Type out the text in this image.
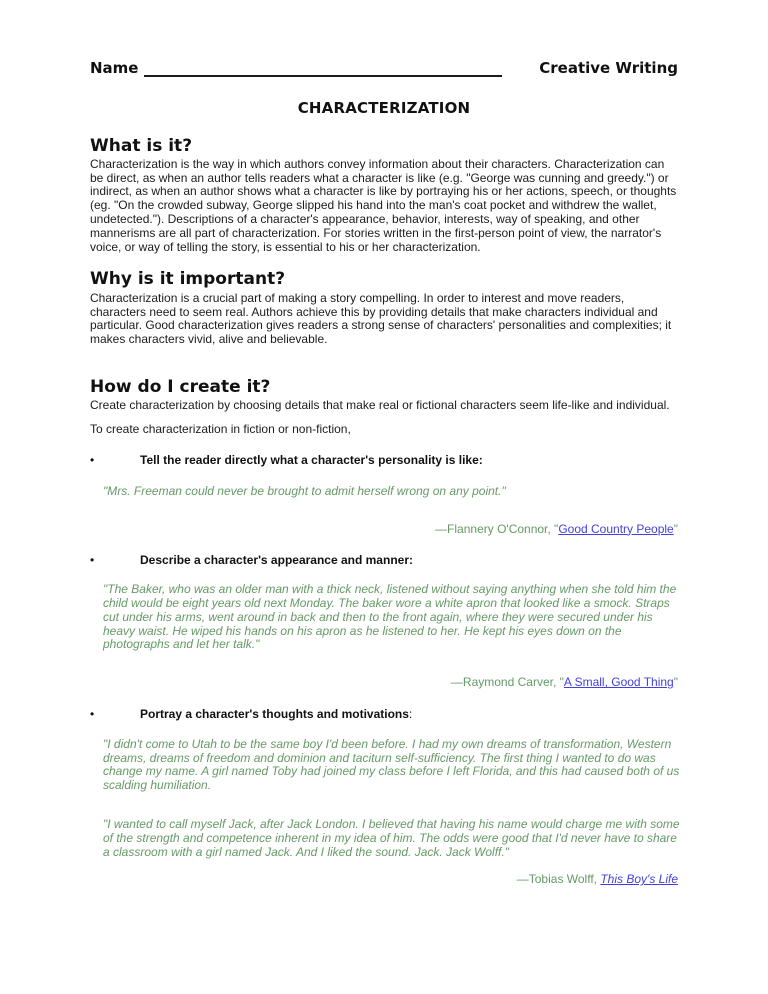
Name	Creative Writing
CHARACTERIZATION
What is it?

Characterization is the way in which authors convey information about their characters. Characterization can be direct, as when an author tells readers what a character is like (e.g. "George was cunning and greedy.") or indirect, as when an author shows what a character is like by portraying his or her actions, speech, or thoughts (eg. "On the crowded subway, George slipped his hand into the man's coat pocket and withdrew the wallet, undetected."). Descriptions of a character's appearance, behavior, interests, way of speaking, and other mannerisms are all part of characterization. For stories written in the first-person point of view, the narrator's voice, or way of telling the story, is essential to his or her characterization.

Why is it important?

Characterization is a crucial part of making a story compelling. In order to interest and move readers, characters need to seem real. Authors achieve this by providing details that make characters individual and particular. Good characterization gives readers a strong sense of characters' personalities and complexities; it makes characters vivid, alive and believable.

How do I create it?

Create characterization by choosing details that make real or fictional characters seem life-like and individual.

To create characterization in fiction or non-fiction,

•	Tell the reader directly what a character's personality is like:
"Mrs. Freeman could never be brought to admit herself wrong on any point."
—Flannery O'Connor, "Good Country People"
•	Describe a character's appearance and manner:
"The Baker, who was an older man with a thick neck, listened without saying anything when she told him the child would be eight years old next Monday. The baker wore a white apron that looked like a smock. Straps cut under his arms, went around in back and then to the front again, where they were secured under his heavy waist. He wiped his hands on his apron as he listened to her. He kept his eyes down on the photographs and let her talk."
—Raymond Carver, "A Small, Good Thing"
•	Portray a character's thoughts and motivations:
"I didn't come to Utah to be the same boy I'd been before. I had my own dreams of transformation, Western dreams, dreams of freedom and dominion and taciturn self-sufficiency. The first thing I wanted to do was change my name. A girl named Toby had joined my class before I left Florida, and this had caused both of us scalding humiliation.
"I wanted to call myself Jack, after Jack London. I believed that having his name would charge me with some of the strength and competence inherent in my idea of him. The odds were good that I'd never have to share a classroom with a girl named Jack. And I liked the sound. Jack. Jack Wolff."
—Tobias Wolff, This Boy's Life
